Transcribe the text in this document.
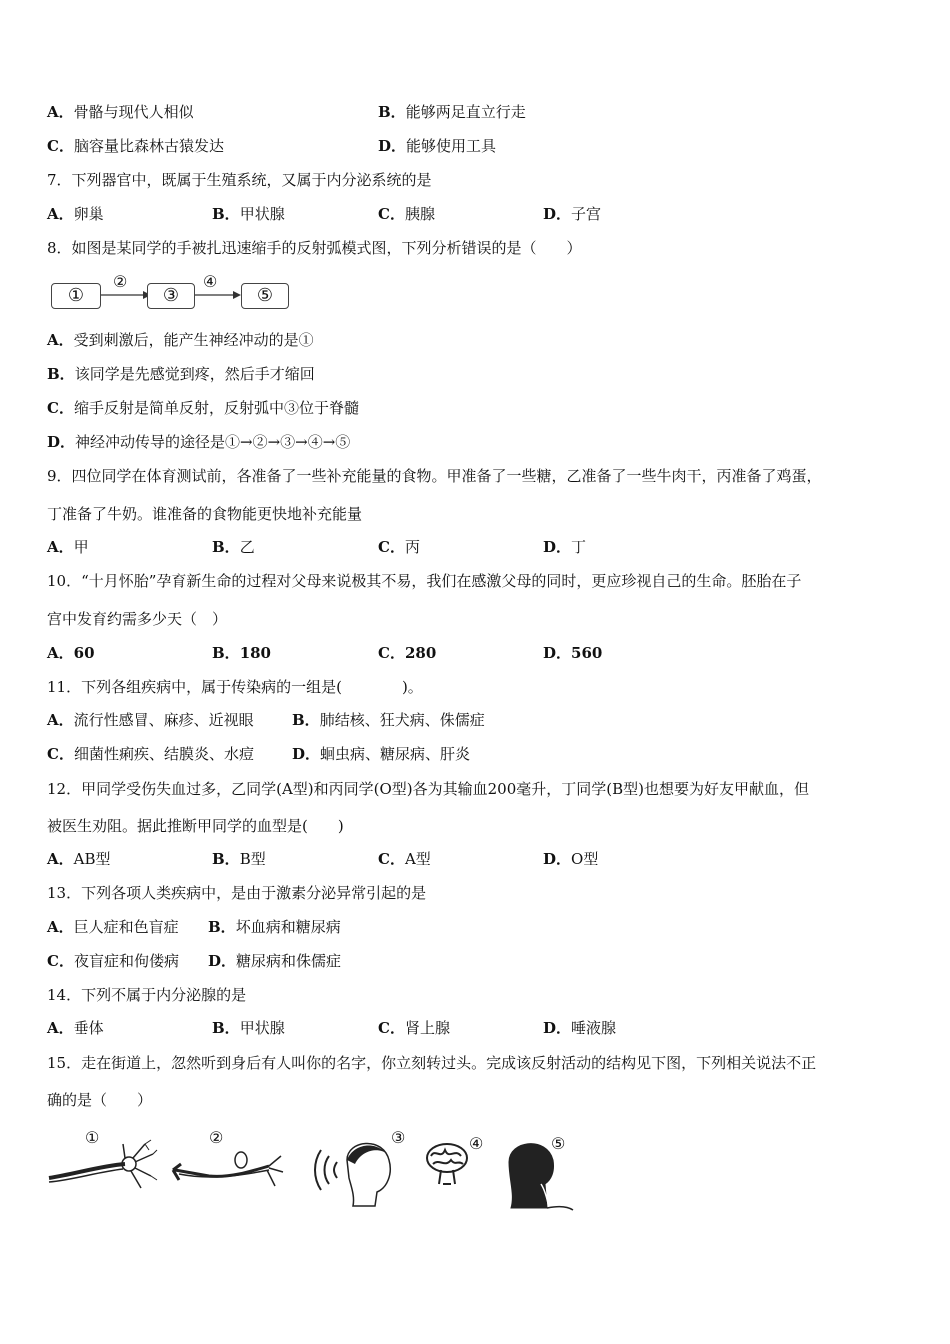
A．骨骼与现代人相似	B．能够两足直立行走
C．脑容量比森林古猿发达	D．能够使用工具
7．下列器官中，既属于生殖系统，又属于内分泌系统的是
A．卵巢	B．甲状腺	C．胰腺	D．子宫
8．如图是某同学的手被扎迅速缩手的反射弧模式图，下列分析错误的是（　　）
①
②
③
④
⑤
A．受到刺激后，能产生神经冲动的是①
B．该同学是先感觉到疼，然后手才缩回
C．缩手反射是简单反射，反射弧中③位于脊髓
D．神经冲动传导的途径是①→②→③→④→⑤
9．四位同学在体育测试前，各准备了一些补充能量的食物。甲准备了一些糖，乙准备了一些牛肉干，丙准备了鸡蛋，
丁准备了牛奶。谁准备的食物能更快地补充能量
A．甲	B．乙	C．丙	D．丁
10．“十月怀胎”孕育新生命的过程对父母来说极其不易，我们在感激父母的同时，更应珍视自己的生命。胚胎在子
宫中发育约需多少天（　）
A．60	B．180	C．280	D．560
11．下列各组疾病中，属于传染病的一组是(　　　　)。
A．流行性感冒、麻疹、近视眼	B．肺结核、狂犬病、侏儒症
C．细菌性痢疾、结膜炎、水痘	D．蛔虫病、糖尿病、肝炎
12．甲同学受伤失血过多，乙同学(A型)和丙同学(O型)各为其输血200毫升，丁同学(B型)也想要为好友甲献血，但
被医生劝阻。据此推断甲同学的血型是(　　)
A．AB型	B．B型	C．A型	D．O型
13．下列各项人类疾病中，是由于激素分泌异常引起的是
A．巨人症和色盲症 B．坏血病和糖尿病
C．夜盲症和佝偻病 D．糖尿病和侏儒症
14．下列不属于内分泌腺的是
A．垂体	B．甲状腺	C．肾上腺	D．唾液腺
15．走在街道上，忽然听到身后有人叫你的名字，你立刻转过头。完成该反射活动的结构见下图，下列相关说法不正
确的是（　　）
①	②	③	④	⑤
